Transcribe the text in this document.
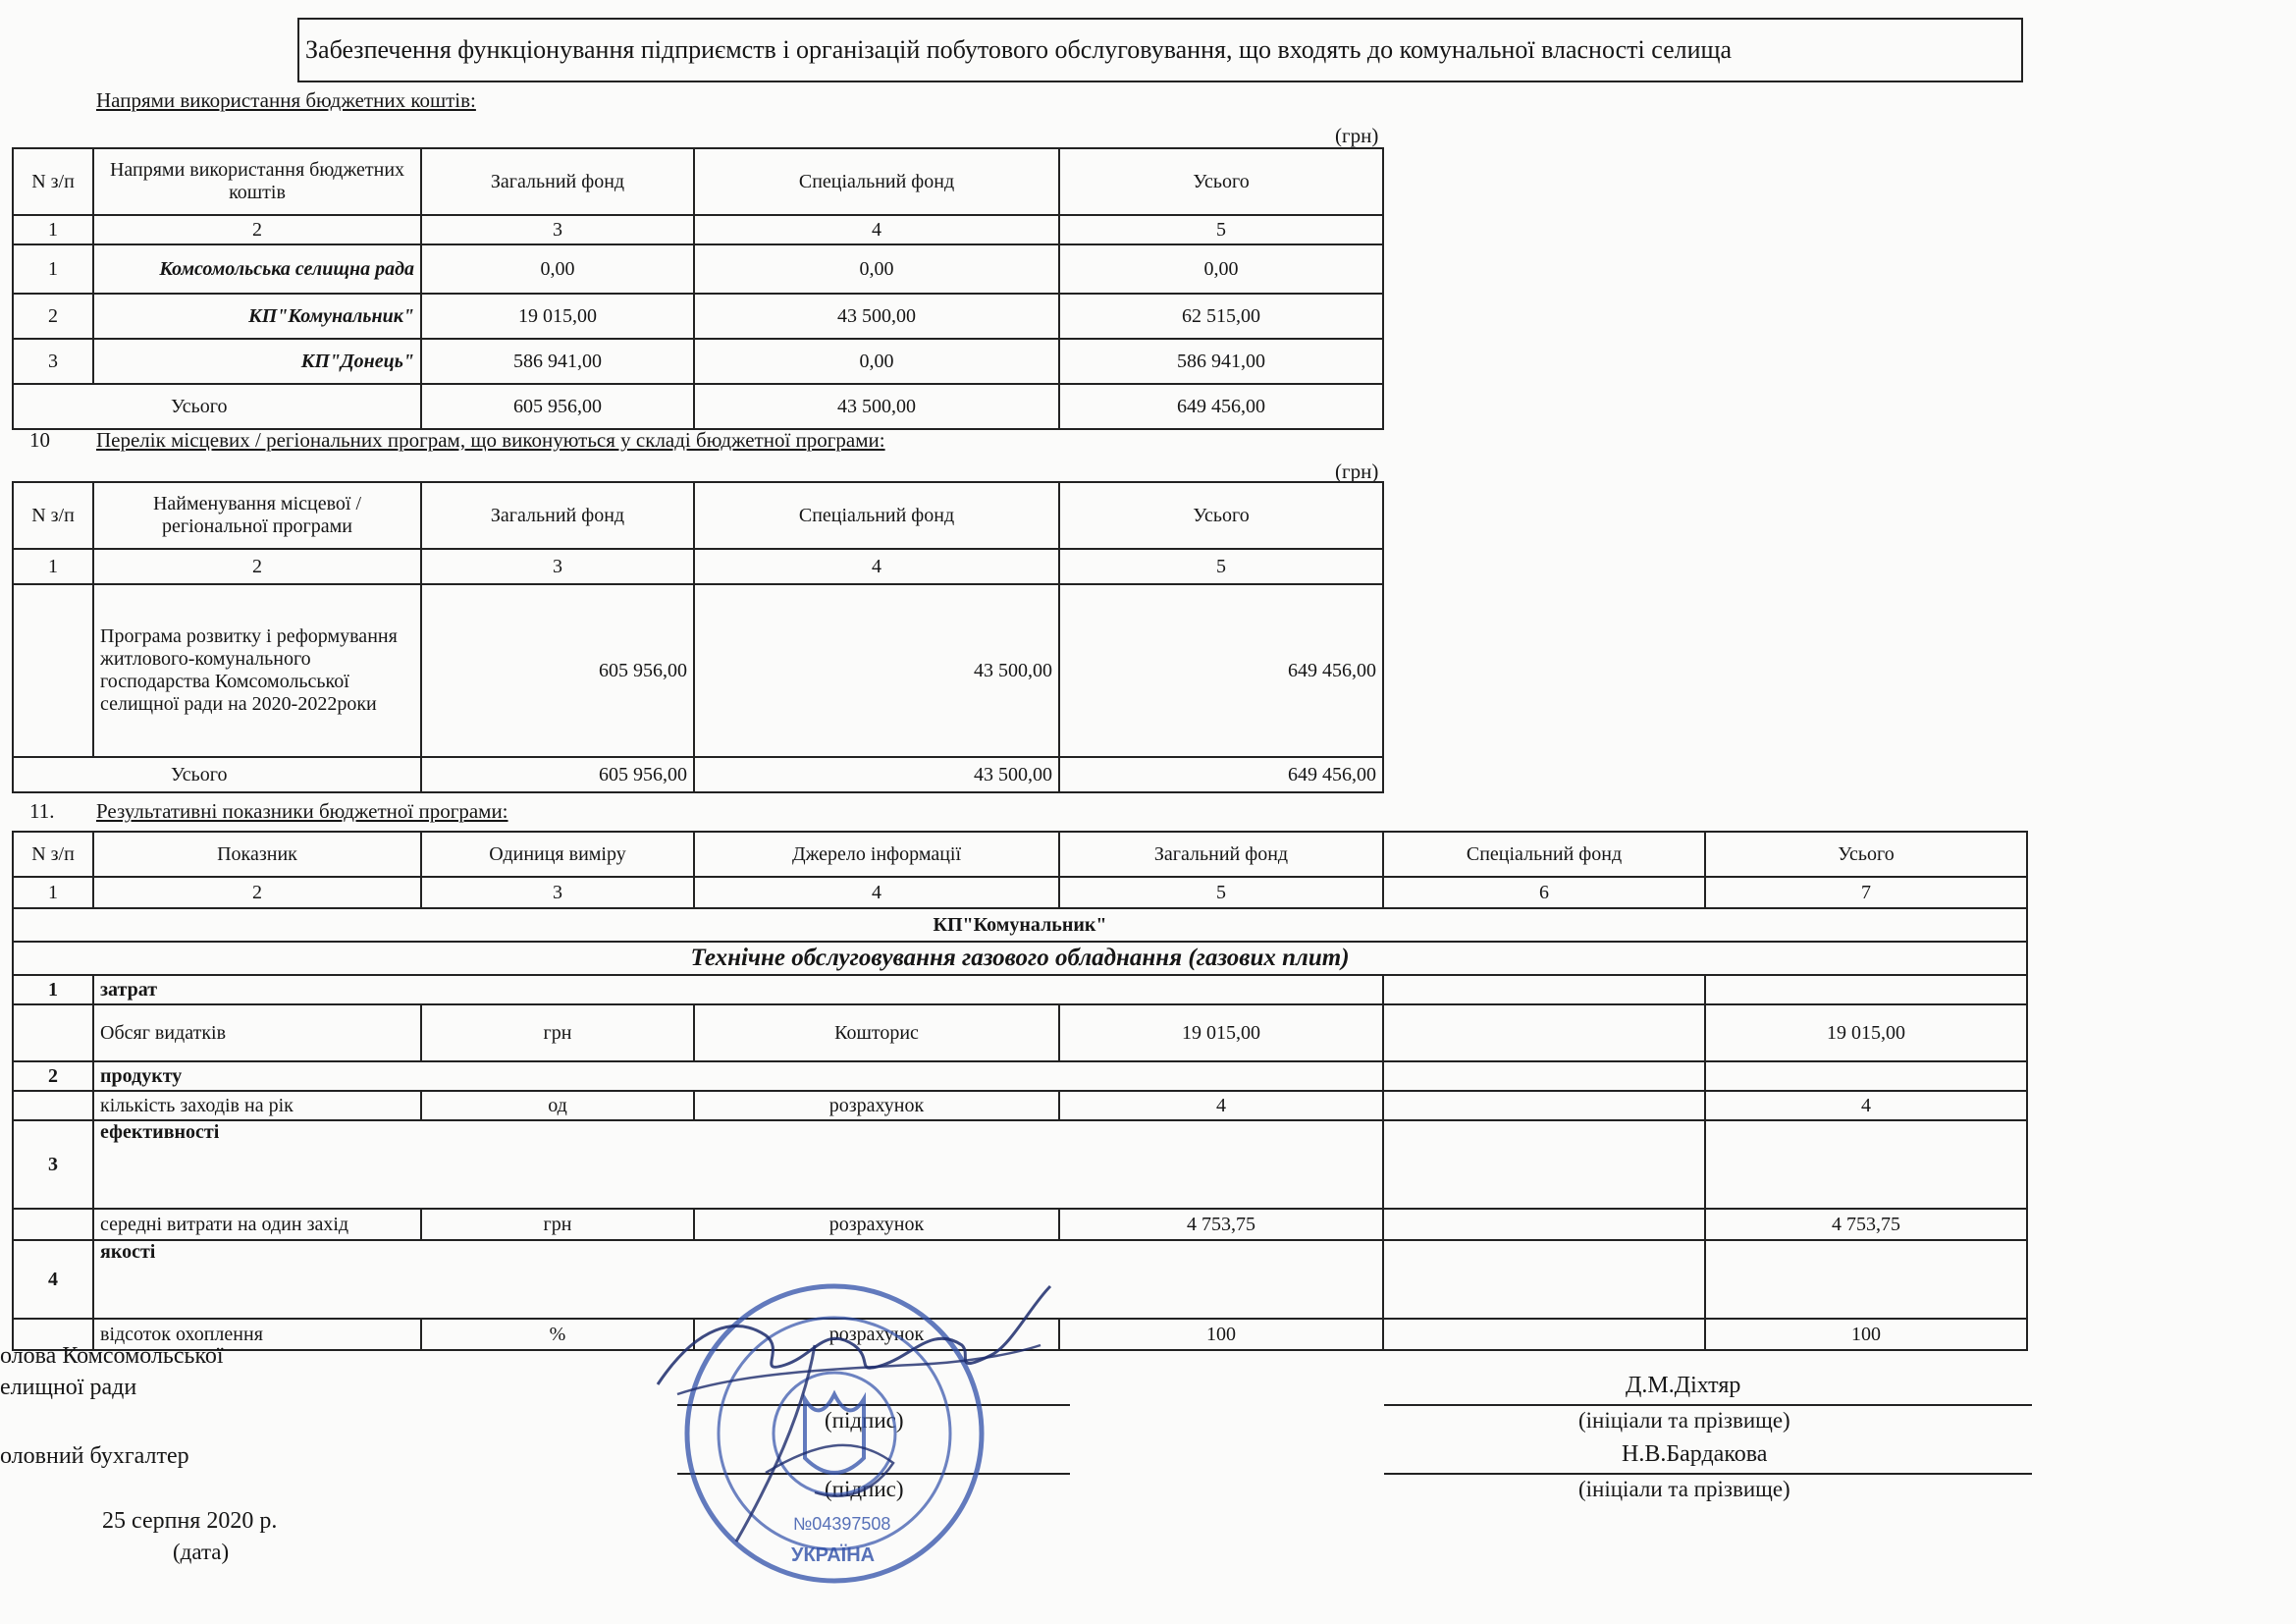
Забезпечення функціонування підприємств і організацій побутового обслуговування, що входять до комунальної власності селища
Напрями використання бюджетних коштів:
(грн)
N з/п	Напрями використання бюджетних коштів	Загальний фонд	Спеціальний фонд	Усього
1	2	3	4	5
1	Комсомольська селищна рада	0,00	0,00	0,00
2	КП"Комунальник"	19 015,00	43 500,00	62 515,00
3	КП"Донець"	586 941,00	0,00	586 941,00
Усього		605 956,00	43 500,00	649 456,00
10 Перелік місцевих / регіональних програм, що виконуються у складі бюджетної програми:
(грн)
N з/п	Найменування місцевої / регіональної програми	Загальний фонд	Спеціальний фонд	Усього
1	2	3	4	5
	Програма розвитку і реформування житлового-комунального господарства Комсомольської селищної ради на 2020-2022роки	605 956,00	43 500,00	649 456,00
Усього		605 956,00	43 500,00	649 456,00
11. Результативні показники бюджетної програми:
N з/п	Показник	Одиниця виміру	Джерело інформації	Загальний фонд	Спеціальний фонд	Усього
1	2	3	4	5	6	7
КП"Комунальник"						
Технічне обслуговування газового обладнання (газових плит)						
1	затрат					
	Обсяг видатків	грн	Кошторис	19 015,00		19 015,00
2	продукту					
	кількість заходів на рік	од	розрахунок	4		4
3	ефективності					
	середні витрати на один захід	грн	розрахунок	4 753,75		4 753,75
4	якості					
	відсоток охоплення	%	розрахунок	100		100
олова Комсомольської
елищної ради
оловний бухгалтер
(підпис)
(підпис)
Д.М.Діхтяр
(ініціали та прізвище)
Н.В.Бардакова
(ініціали та прізвище)
25 серпня 2020 р.
(дата)
№04397508
УКРАЇНА
